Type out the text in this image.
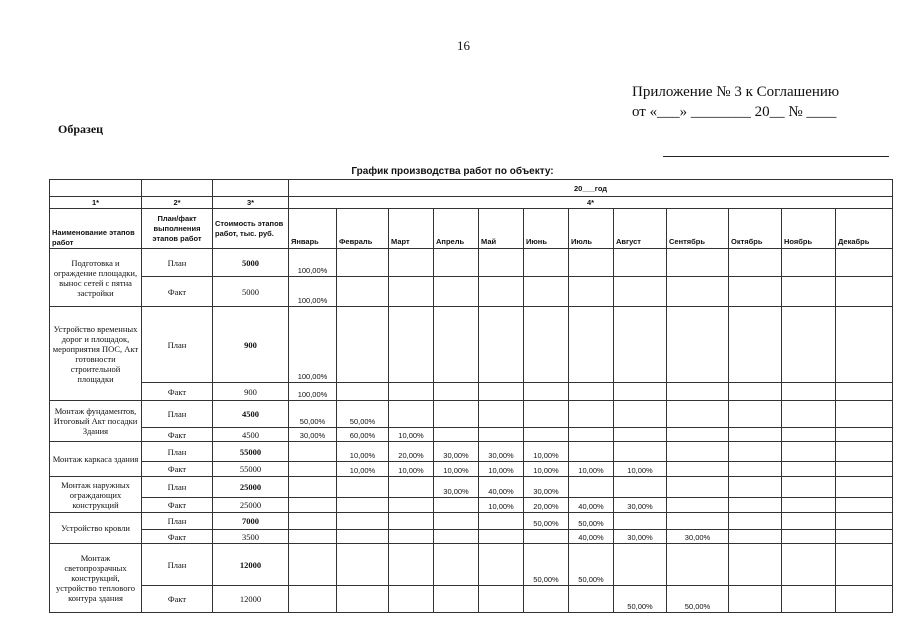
16
Приложение № 3 к Соглашению
от «___» ________ 20__ № ____
Образец
График производства работ по объекту:
			20___год											
1*	2*	3*	4*											
Наименование этапов работ	План/факт выполнения этапов работ	Стоимость этапов работ, тыс. руб.	Январь	Февраль	Март	Апрель	Май	Июнь	Июль	Август	Сентябрь	Октябрь	Ноябрь	Декабрь
Подготовка и ограждение площадки, вынос сетей с пятна застройки	План	5000	100,00%											
	Факт	5000	100,00%											
Устройство временных дорог и площадок, мероприятия ПОС, Акт готовности строительной площадки	План	900	100,00%											
	Факт	900	100,00%											
Монтаж фундаментов, Итоговый Акт посадки Здания	План	4500	50,00%	50,00%										
	Факт	4500	30,00%	60,00%	10,00%									
Монтаж каркаса здания	План	55000		10,00%	20,00%	30,00%	30,00%	10,00%						
	Факт	55000		10,00%	10,00%	10,00%	10,00%	10,00%	10,00%	10,00%				
Монтаж наружных ограждающих конструкций	План	25000				30,00%	40,00%	30,00%						
	Факт	25000					10,00%	20,00%	40,00%	30,00%				
Устройство кровли	План	7000						50,00%	50,00%					
	Факт	3500							40,00%	30,00%	30,00%			
Монтаж светопрозрачных конструкций, устройство теплового контура здания	План	12000						50,00%	50,00%					
	Факт	12000								50,00%	50,00%			
